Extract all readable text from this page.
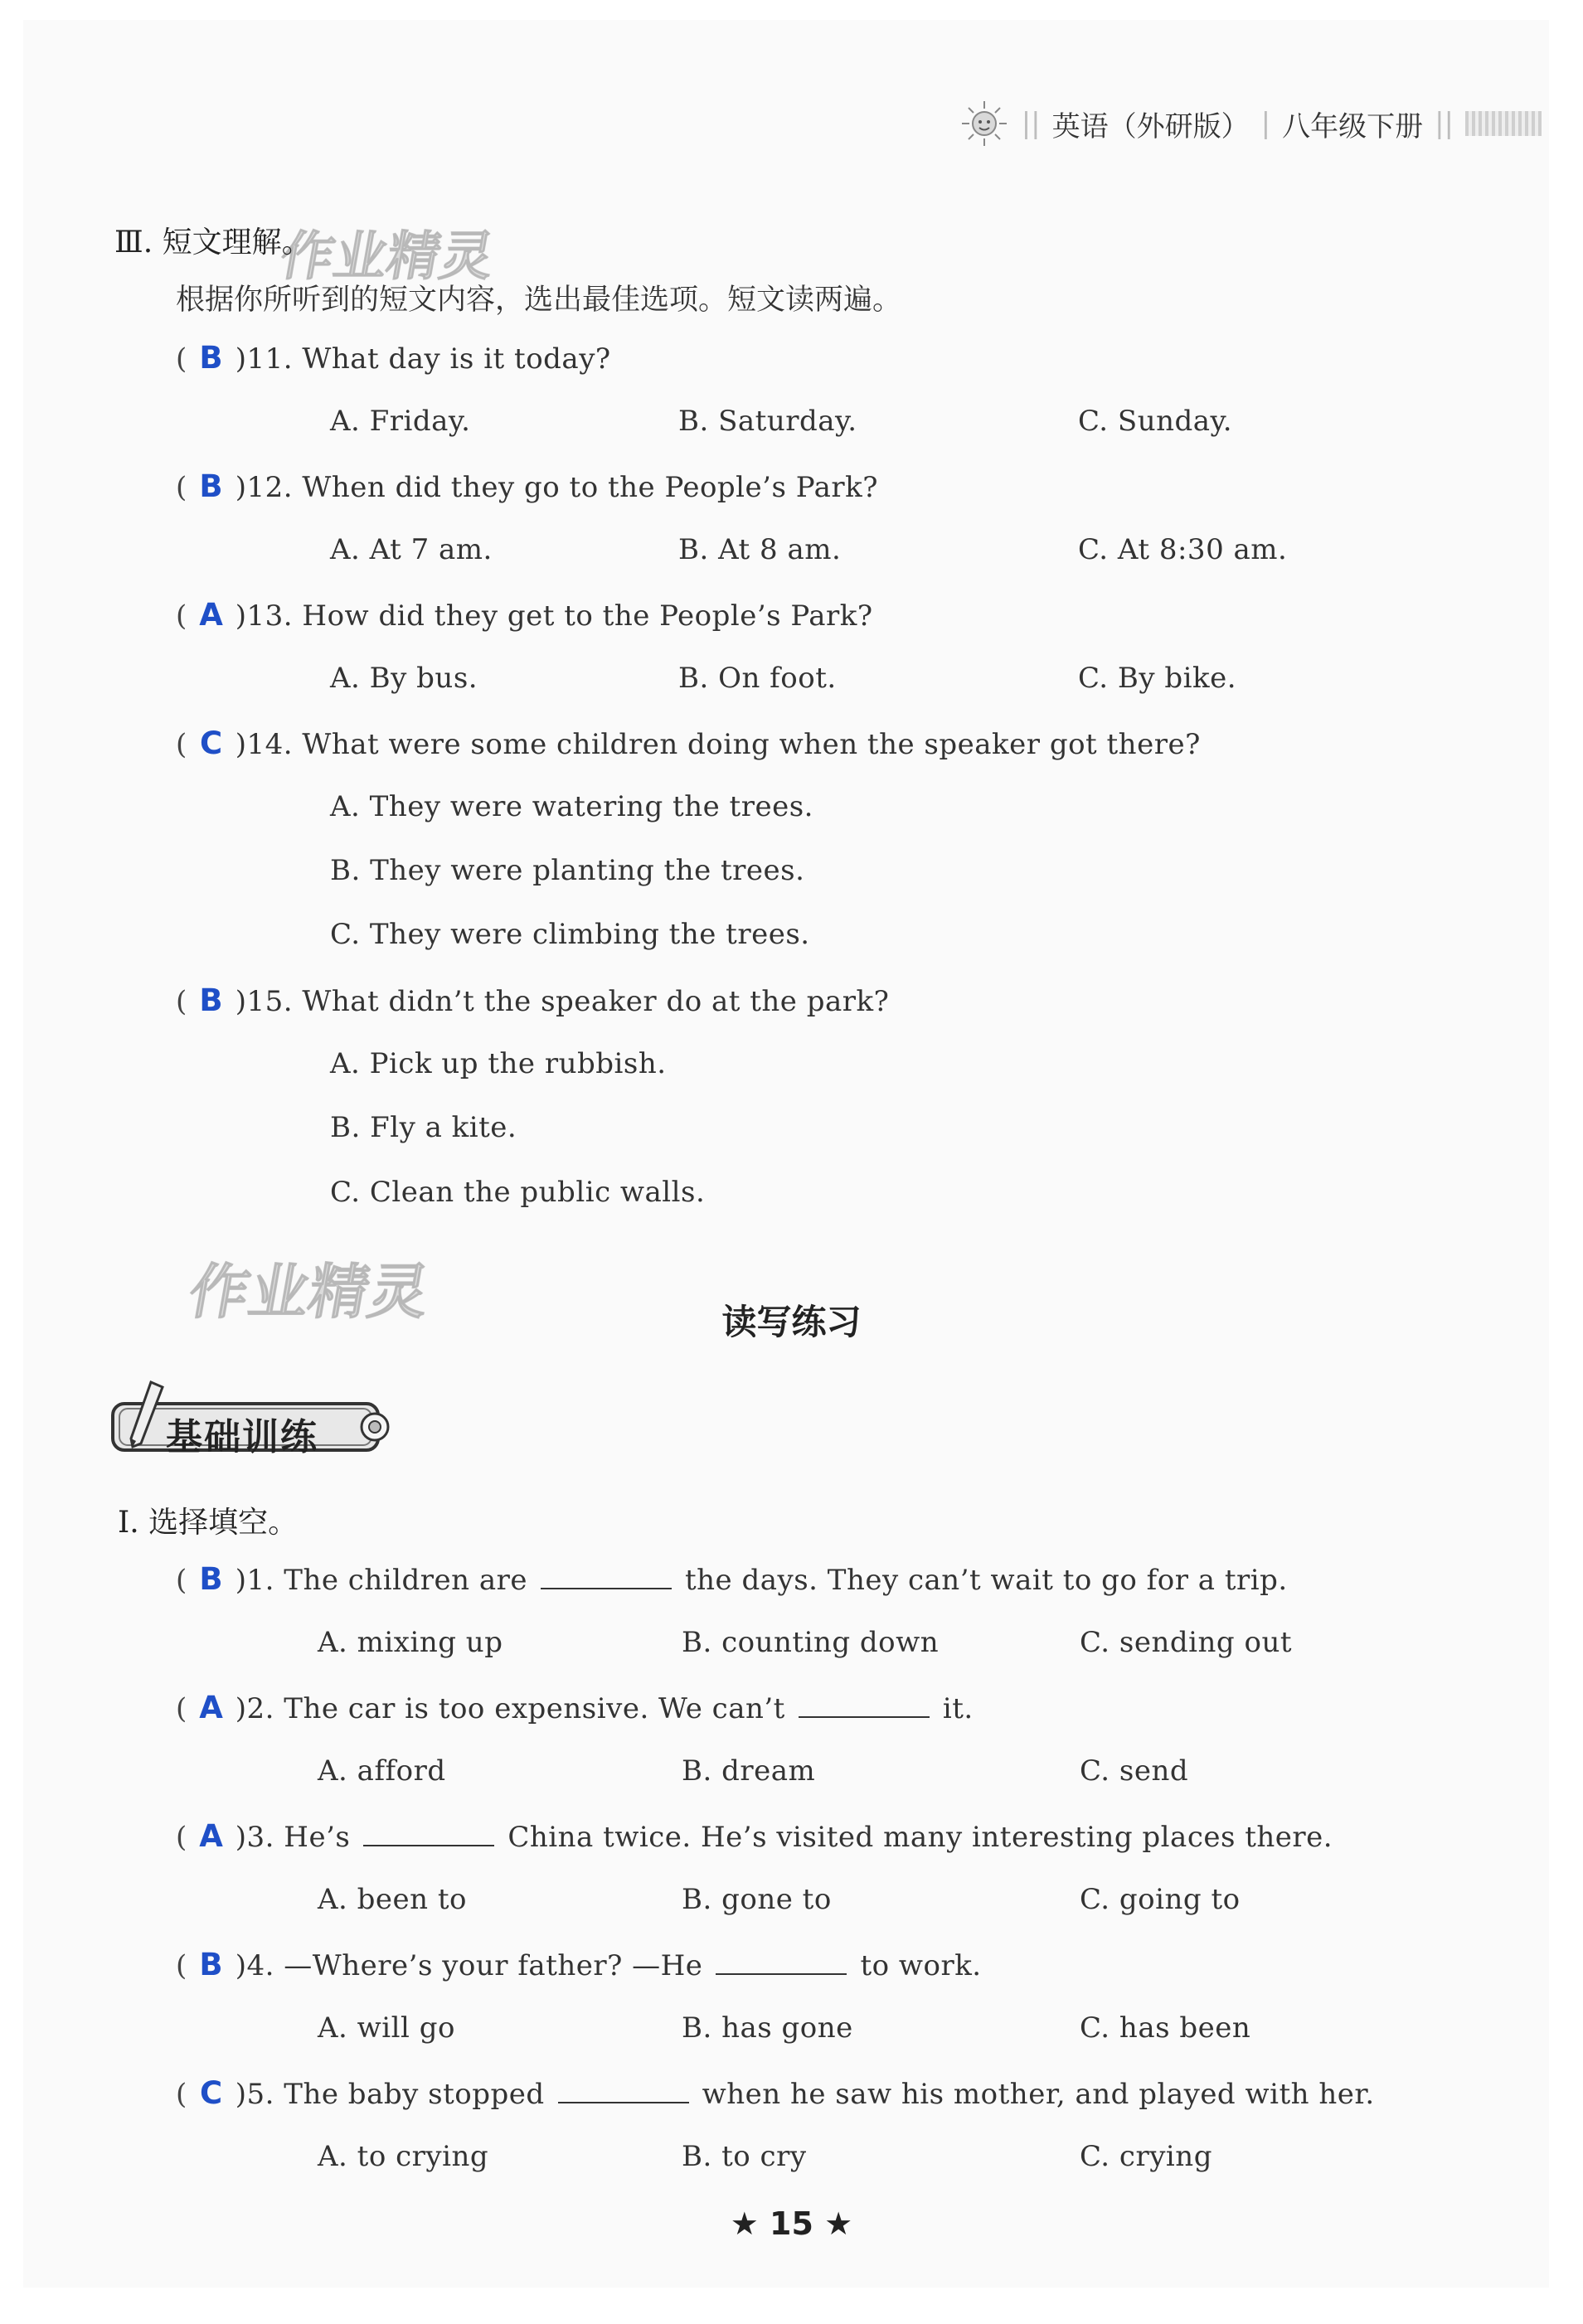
|| 英语（外研版） | 八年级下册 ||
作业精灵
作业精灵
Ⅲ. 短文理解。
根据你所听到的短文内容，选出最佳选项。短文读两遍。
( B )11. What day is it today?
A. Friday.	B. Saturday.	C. Sunday.
( B )12. When did they go to the People’s Park?
A. At 7 am.	B. At 8 am.	C. At 8:30 am.
( A )13. How did they get to the People’s Park?
A. By bus.	B. On foot.	C. By bike.
( C )14. What were some children doing when the speaker got there?
A. They were watering the trees.
B. They were planting the trees.
C. They were climbing the trees.
( B )15. What didn’t the speaker do at the park?
A. Pick up the rubbish.
B. Fly a kite.
C. Clean the public walls.
读写练习
基础训练
Ⅰ. 选择填空。
( B )1. The children are	the days. They can’t wait to go for a trip.
A. mixing up	B. counting down	C. sending out
( A )2. The car is too expensive. We can’t	it.
A. afford	B. dream	C. send
( A )3. He’s	China twice. He’s visited many interesting places there.
A. been to	B. gone to	C. going to
( B )4. —Where’s your father? —He	to work.
A. will go	B. has gone	C. has been
( C )5. The baby stopped	when he saw his mother, and played with her.
A. to crying	B. to cry	C. crying
★ 15 ★
